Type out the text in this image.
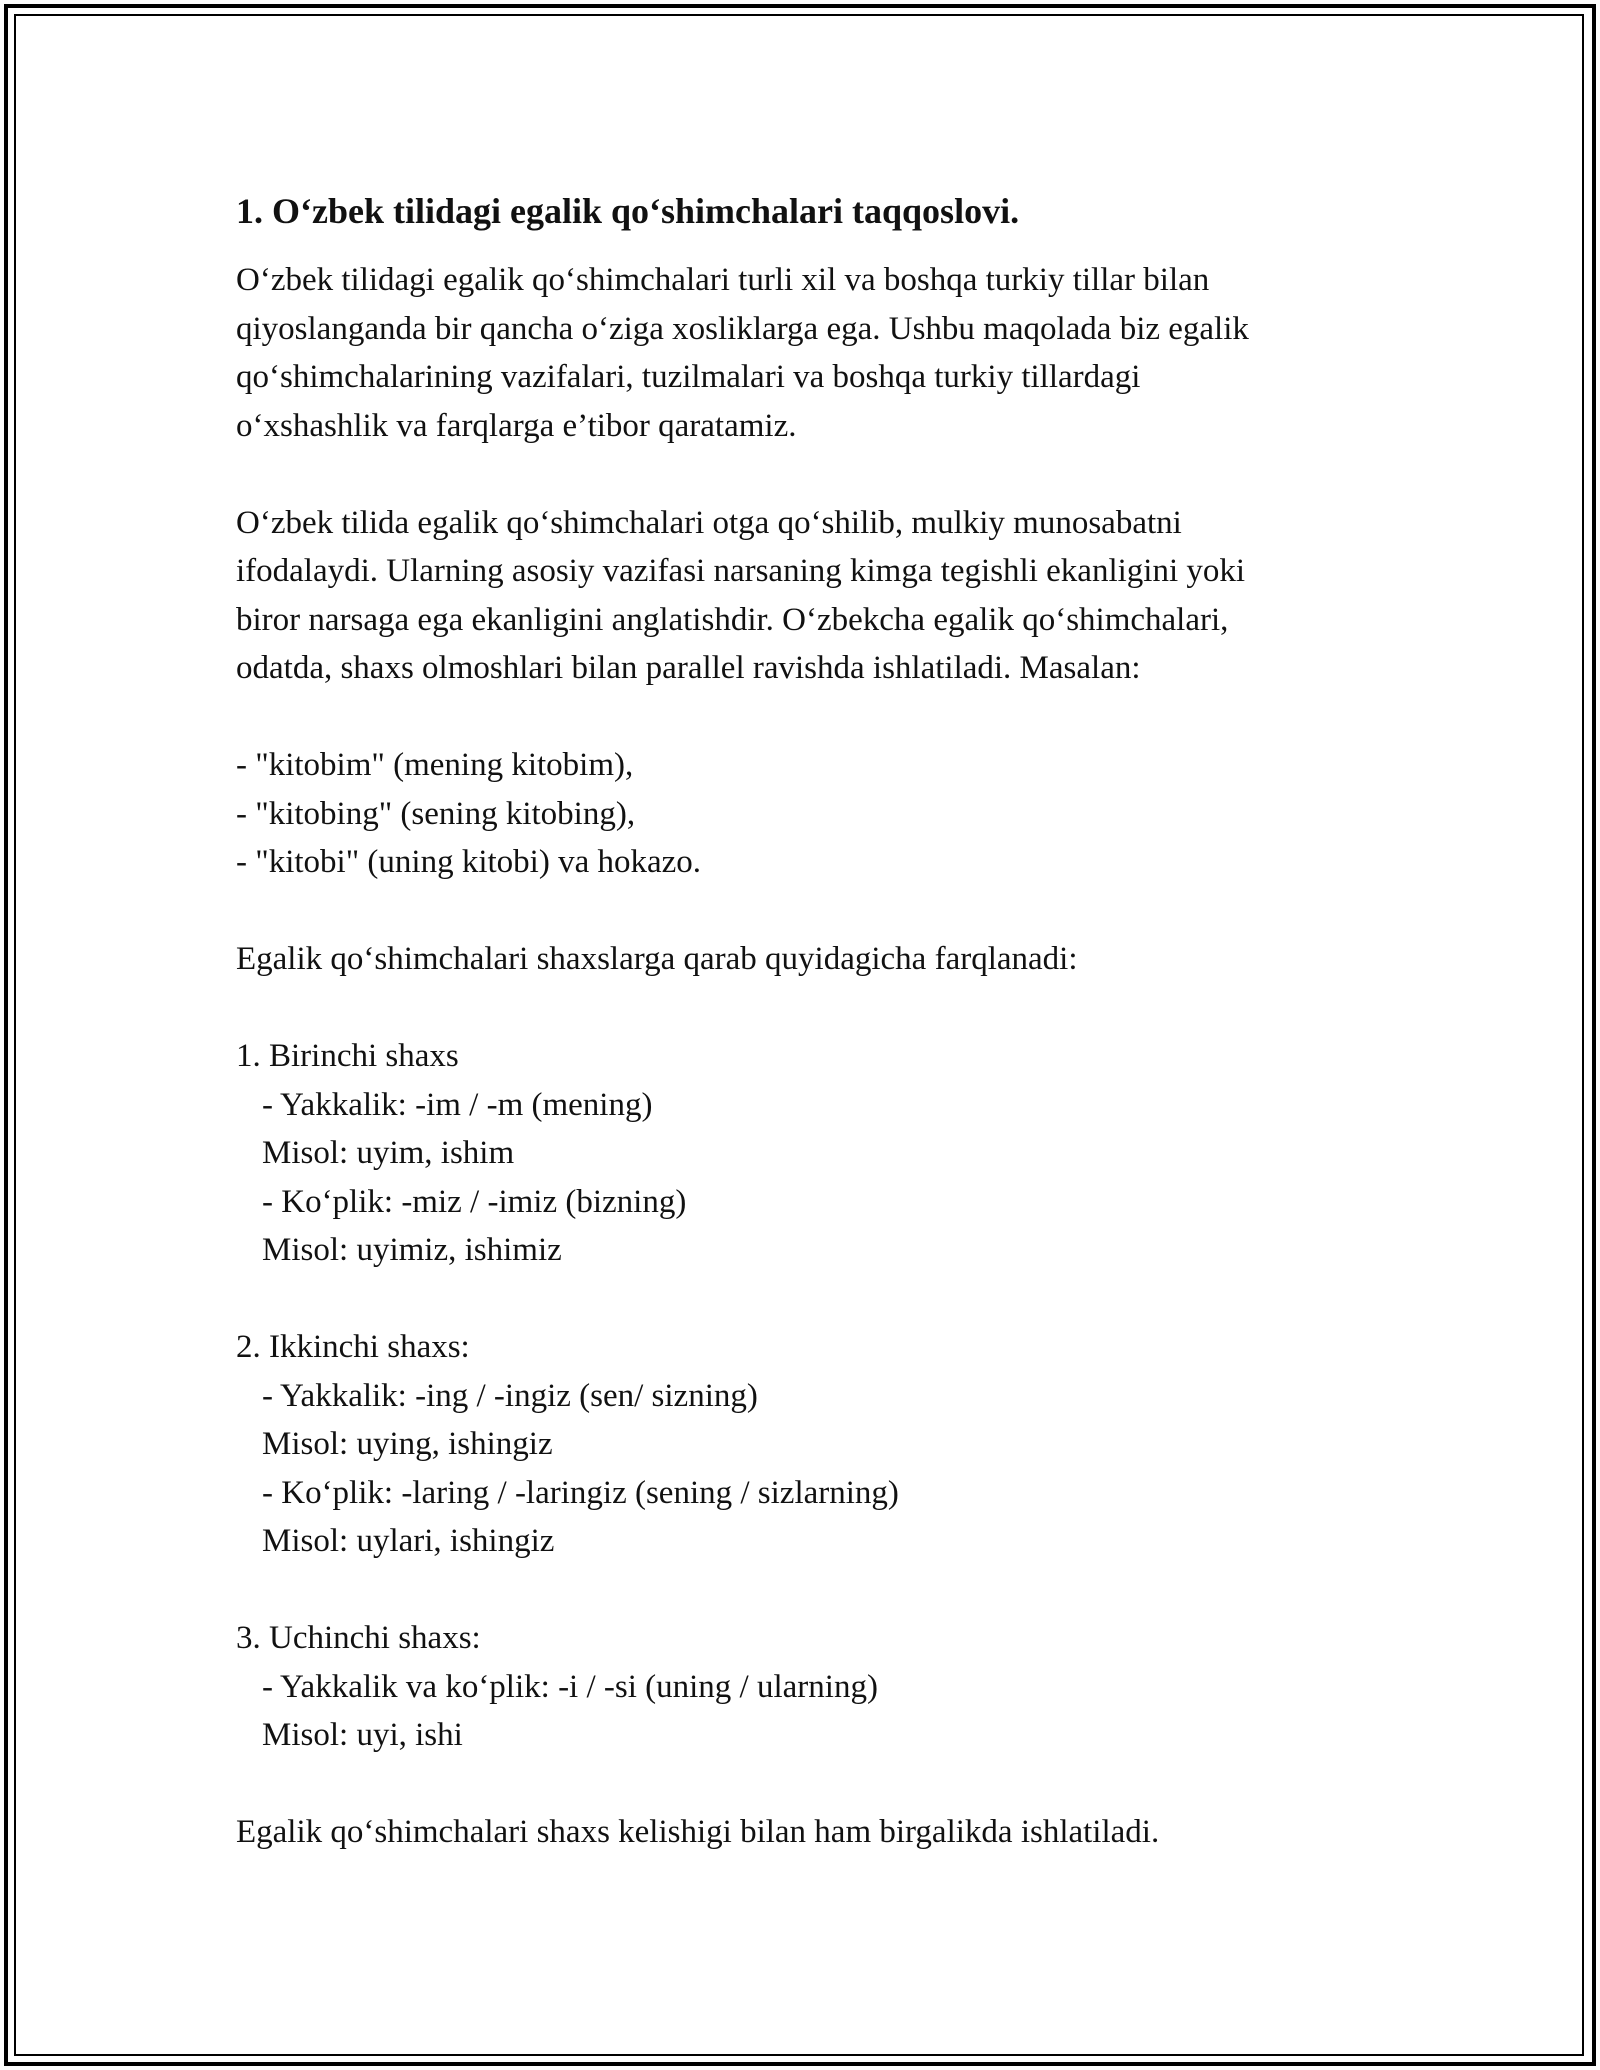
1. O‘zbek tilidagi egalik qo‘shimchalari taqqoslovi.

O‘zbek tilidagi egalik qo‘shimchalari turli xil va boshqa turkiy tillar bilan
qiyoslanganda bir qancha o‘ziga xosliklarga ega. Ushbu maqolada biz egalik
qo‘shimchalarining vazifalari, tuzilmalari va boshqa turkiy tillardagi
o‘xshashlik va farqlarga e’tibor qaratamiz.

O‘zbek tilida egalik qo‘shimchalari otga qo‘shilib, mulkiy munosabatni
ifodalaydi. Ularning asosiy vazifasi narsaning kimga tegishli ekanligini yoki
biror narsaga ega ekanligini anglatishdir. O‘zbekcha egalik qo‘shimchalari,
odatda, shaxs olmoshlari bilan parallel ravishda ishlatiladi. Masalan:

- "kitobim" (mening kitobim),
- "kitobing" (sening kitobing),
- "kitobi" (uning kitobi) va hokazo.
Egalik qo‘shimchalari shaxslarga qarab quyidagicha farqlanadi:
1. Birinchi shaxs
- Yakkalik: -im / -m (mening)
Misol: uyim, ishim
- Ko‘plik: -miz / -imiz (bizning)
Misol: uyimiz, ishimiz
2. Ikkinchi shaxs:
- Yakkalik: -ing / -ingiz (sen/ sizning)
Misol: uying, ishingiz
- Ko‘plik: -laring / -laringiz (sening / sizlarning)
Misol: uylari, ishingiz
3. Uchinchi shaxs:
- Yakkalik va ko‘plik: -i / -si (uning / ularning)
Misol: uyi, ishi
Egalik qo‘shimchalari shaxs kelishigi bilan ham birgalikda ishlatiladi.
